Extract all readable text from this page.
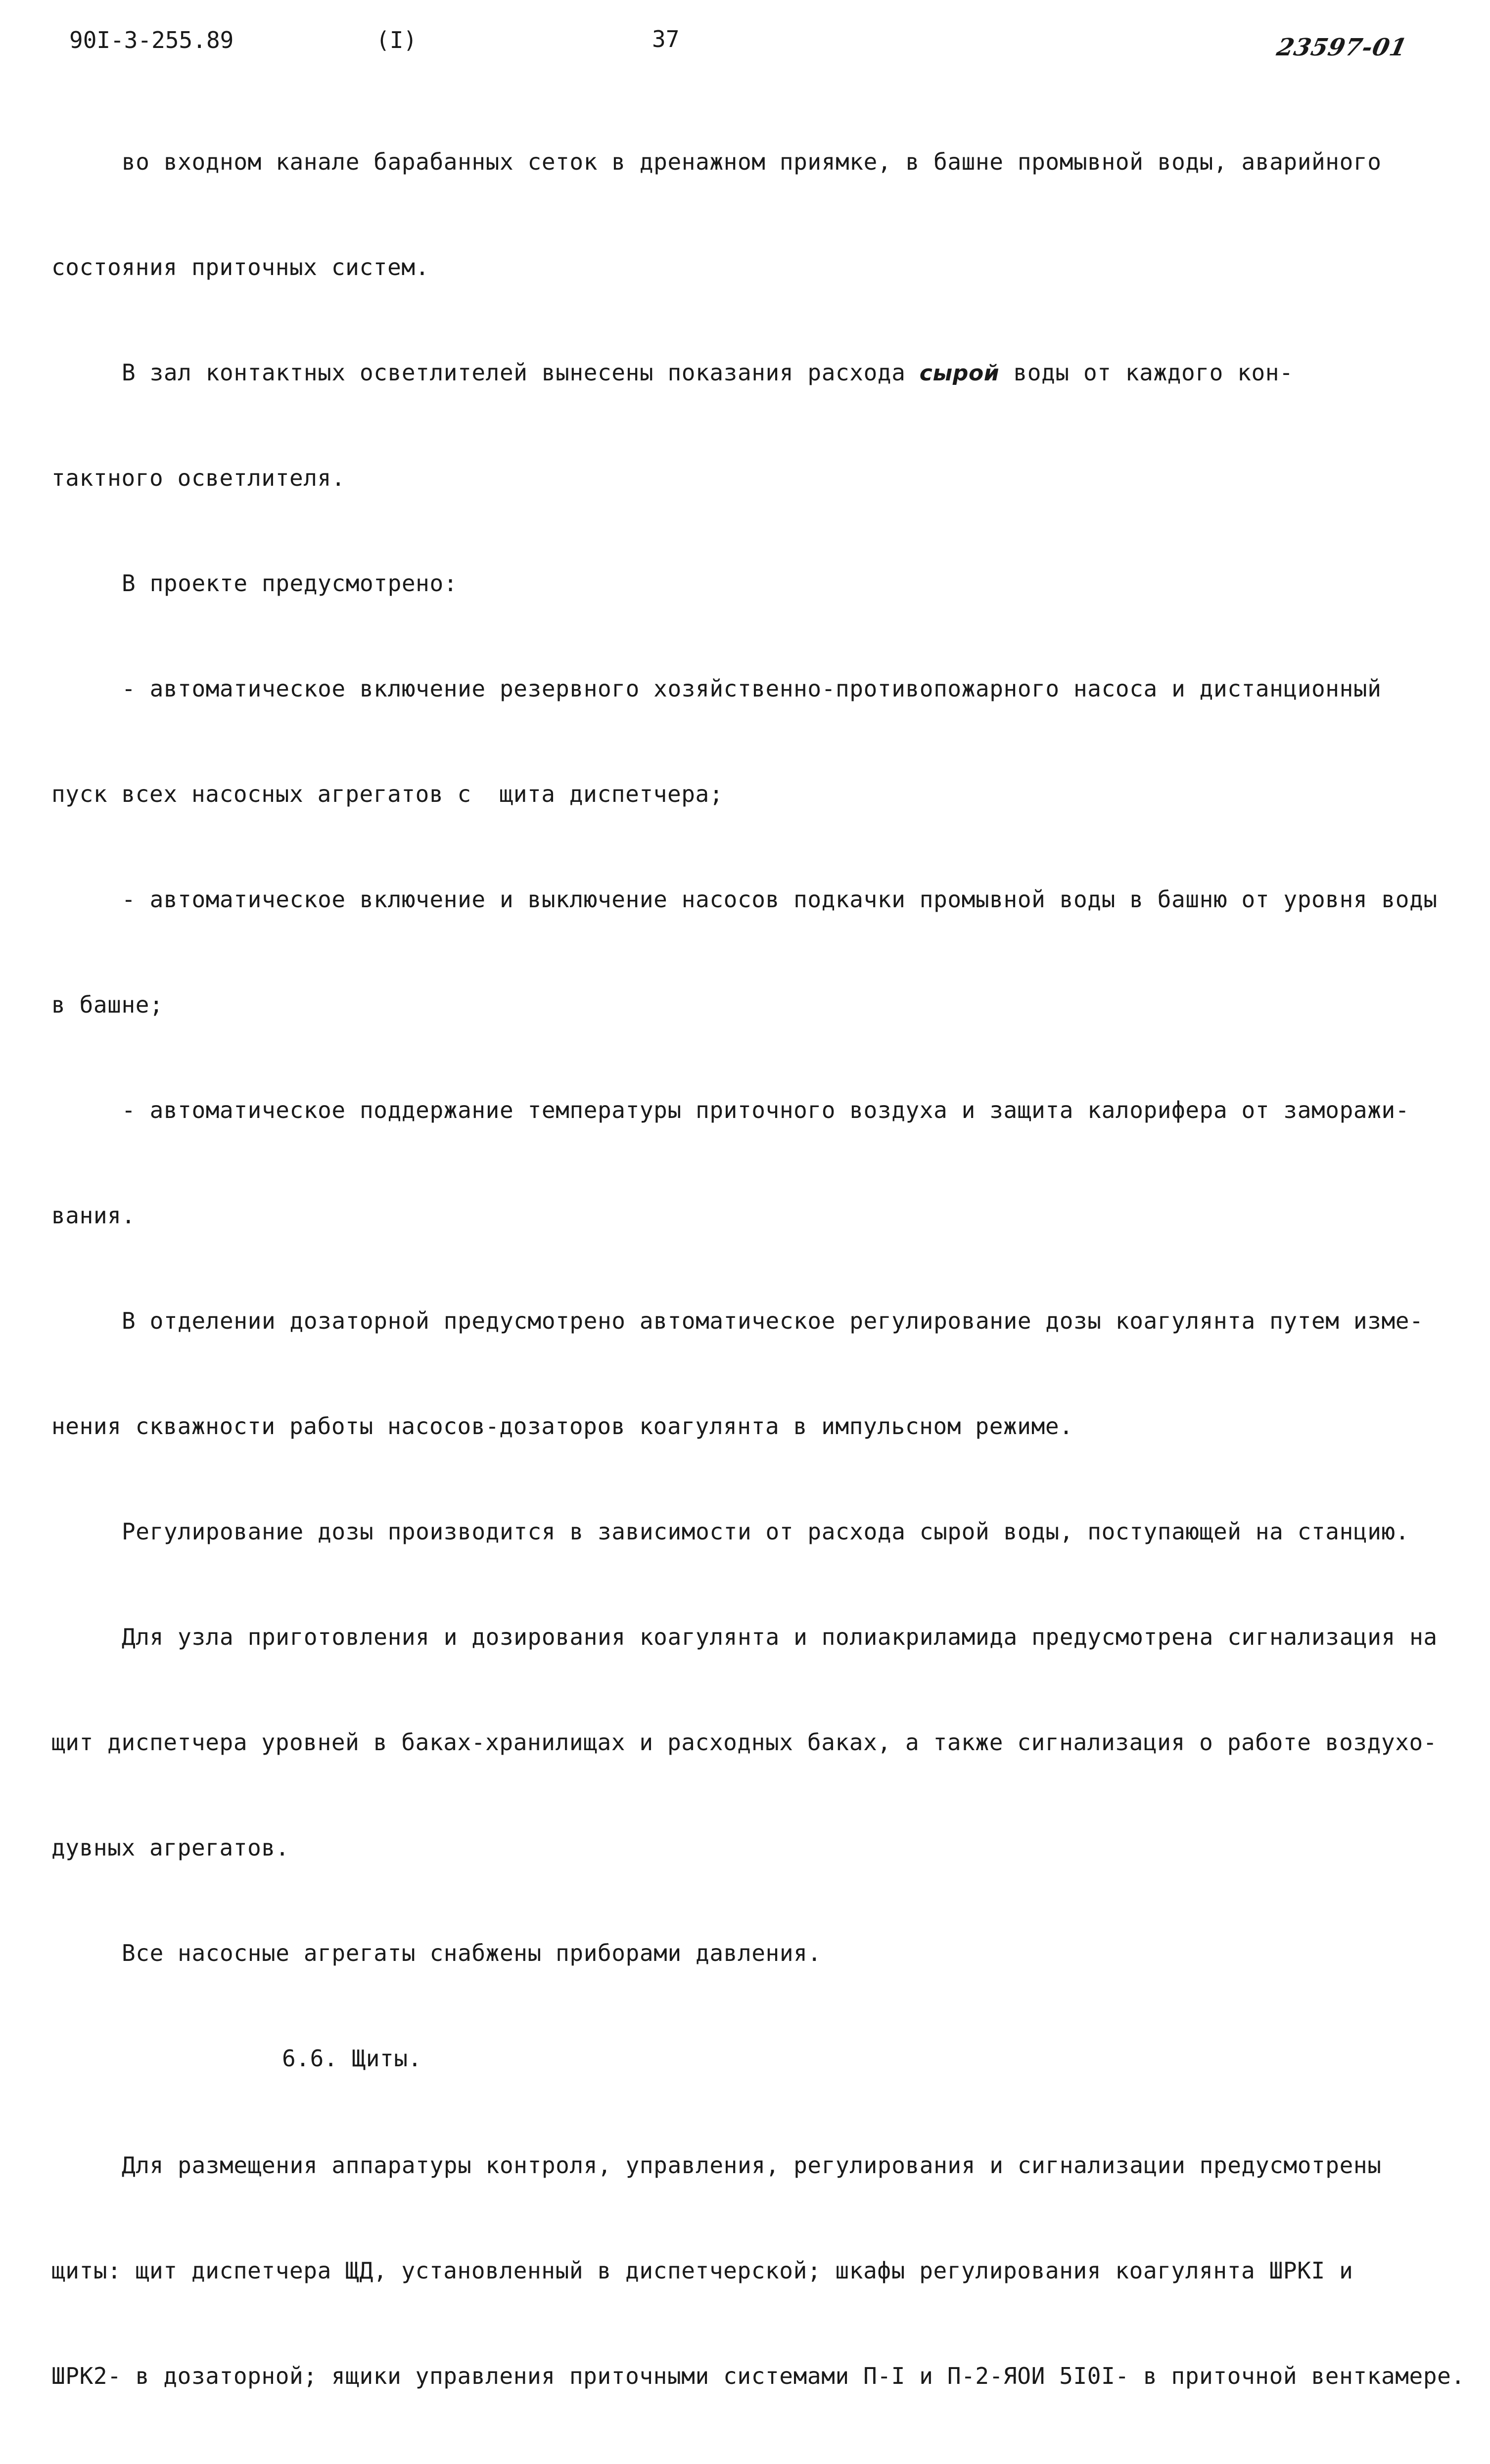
90I-3-255.89	(I)	37	23597-01

во входном канале барабанных сеток в дренажном приямке, в башне промывной воды, аварийного

состояния приточных систем.

В зал контактных осветлителей вынесены показания расхода сырой воды от каждого кон-

тактного осветлителя.

В проекте предусмотрено:

- автоматическое включение резервного хозяйственно-противопожарного насоса и дистанционный

пуск всех насосных агрегатов с  щита диспетчера;

- автоматическое включение и выключение насосов подкачки промывной воды в башню от уровня воды

в башне;

- автоматическое поддержание температуры приточного воздуха и защита калорифера от заморажи-

вания.

В отделении дозаторной предусмотрено автоматическое регулирование дозы коагулянта путем изме-

нения скважности работы насосов-дозаторов коагулянта в импульсном режиме.

Регулирование дозы производится в зависимости от расхода сырой воды, поступающей на станцию.

Для узла приготовления и дозирования коагулянта и полиакриламида предусмотрена сигнализация на

щит диспетчера уровней в баках-хранилищах и расходных баках, а также сигнализация о работе воздухо-

дувных агрегатов.

Все насосные агрегаты снабжены приборами давления.

6.6. Щиты.

Для размещения аппаратуры контроля, управления, регулирования и сигнализации предусмотрены

щиты: щит диспетчера ЩД, установленный в диспетчерской; шкафы регулирования коагулянта ШРКI и

ШРК2- в дозаторной; ящики управления приточными системами П-I и П-2-ЯОИ 5I0I- в приточной венткамере.
